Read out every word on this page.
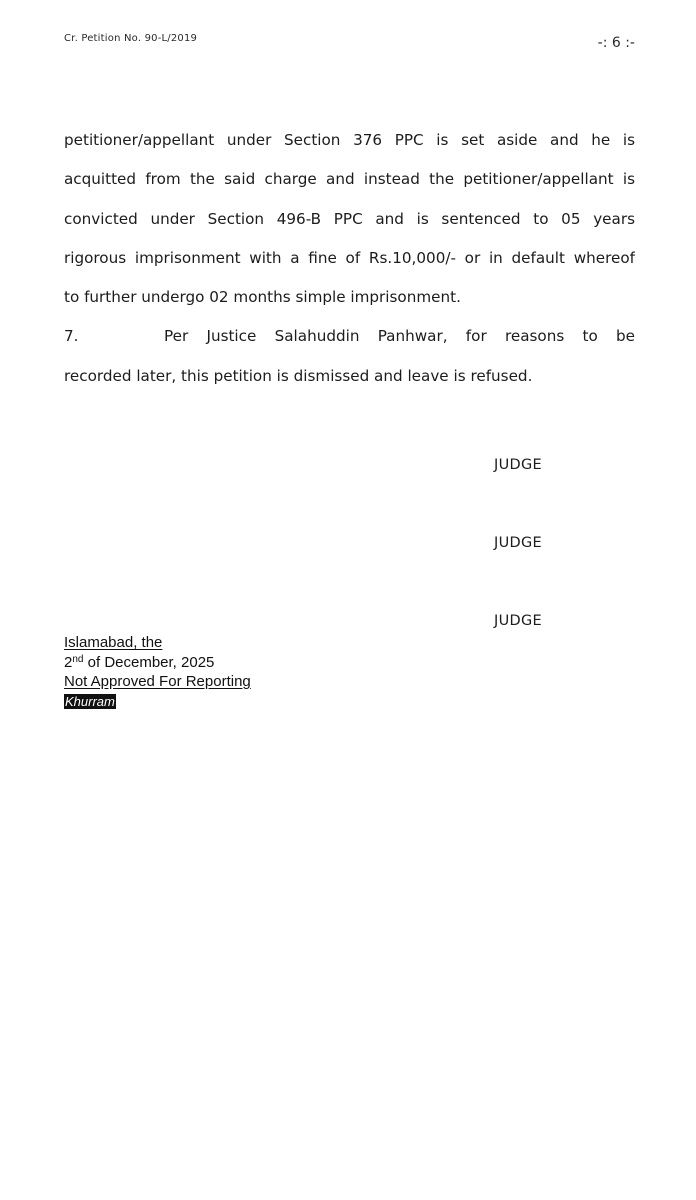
Cr. Petition No. 90-L/2019	-: 6 :-
petitioner/appellant under Section 376 PPC is set aside and he is
acquitted from the said charge and instead the petitioner/appellant is
convicted under Section 496-B PPC and is sentenced to 05 years
rigorous imprisonment with a fine of Rs.10,000/- or in default whereof
to further undergo 02 months simple imprisonment.
7.	Per Justice Salahuddin Panhwar, for reasons to be
recorded later, this petition is dismissed and leave is refused.
JUDGE
JUDGE
JUDGE
Islamabad, the
2nd of December, 2025
Not Approved For Reporting
Khurram
